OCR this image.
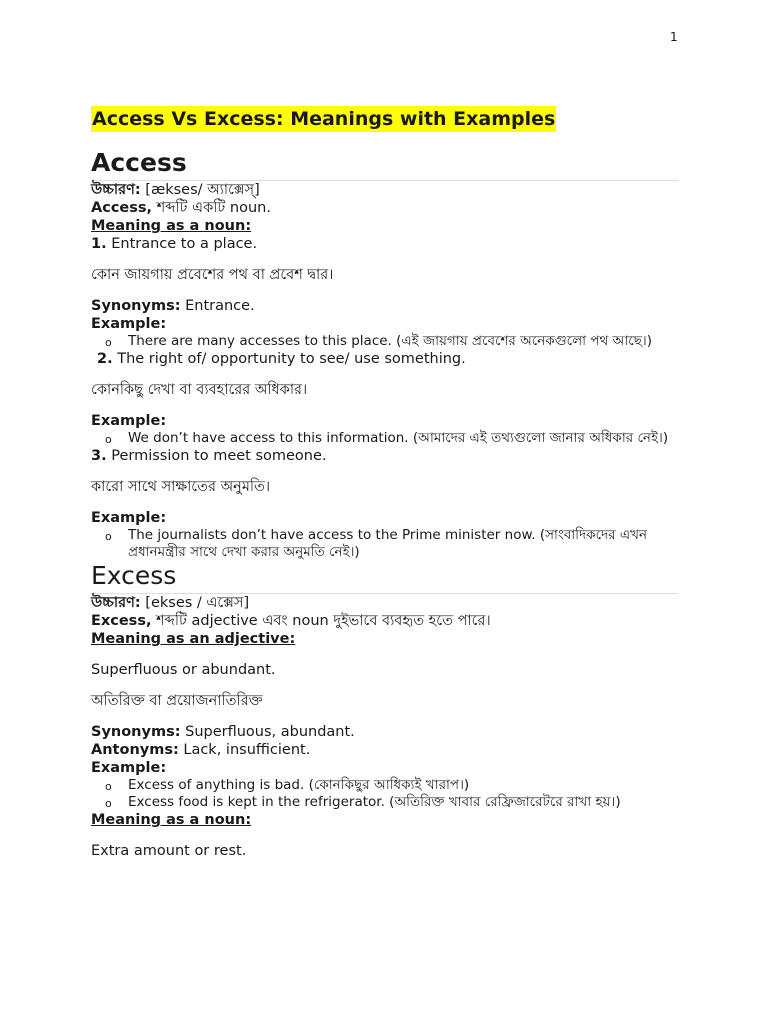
1
Access Vs Excess: Meanings with Examples
Access

উচ্চারণ: [ækses/ অ্যাক্সেস্]

Access, শব্দটি একটি noun.

Meaning as a noun:

1. Entrance to a place.

কোন জায়গায় প্রবেশের পথ বা প্রবেশ দ্বার।

Synonyms: Entrance.

Example:

o There are many accesses to this place. (এই জায়গায় প্রবেশের অনেকগুলো পথ আছে।)

2. The right of/ opportunity to see/ use something.

কোনকিছু দেখা বা ব্যবহারের অধিকার।

Example:

o We don’t have access to this information. (আমাদের এই তথ্যগুলো জানার অধিকার নেই।)

3. Permission to meet someone.

কারো সাথে সাক্ষাতের অনুমতি।

Example:

o The journalists don’t have access to the Prime minister now. (সাংবাদিকদের এখন প্রধানমন্ত্রীর সাথে দেখা করার অনুমতি নেই।)
Excess

উচ্চারণ: [ekses / এক্সেস]

Excess, শব্দটি adjective এবং noun দুইভাবে ব্যবহৃত হতে পারে।

Meaning as an adjective:

Superfluous or abundant.

অতিরিক্ত বা প্রয়োজনাতিরিক্ত

Synonyms: Superfluous, abundant.

Antonyms: Lack, insufficient.

Example:

o Excess of anything is bad. (কোনকিছুর আধিক্যই খারাপ।)
o Excess food is kept in the refrigerator. (অতিরিক্ত খাবার রেফ্রিজারেটরে রাখা হয়।)

Meaning as a noun:

Extra amount or rest.
